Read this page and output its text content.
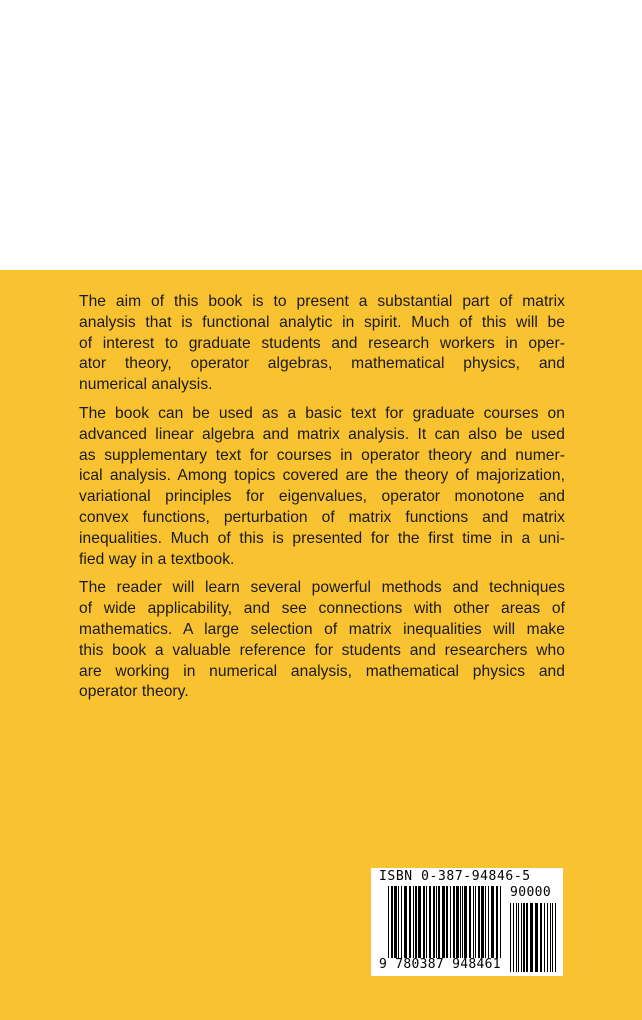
The aim of this book is to present a substantial part of matrix
analysis that is functional analytic in spirit. Much of this will be
of interest to graduate students and research workers in oper-
ator theory, operator algebras, mathematical physics, and
numerical analysis.

The book can be used as a basic text for graduate courses on
advanced linear algebra and matrix analysis. It can also be used
as supplementary text for courses in operator theory and numer-
ical analysis. Among topics covered are the theory of majorization,
variational principles for eigenvalues, operator monotone and
convex functions, perturbation of matrix functions and matrix
inequalities. Much of this is presented for the first time in a uni-
fied way in a textbook.

The reader will learn several powerful methods and techniques
of wide applicability, and see connections with other areas of
mathematics. A large selection of matrix inequalities will make
this book a valuable reference for students and researchers who
are working in numerical analysis, mathematical physics and
operator theory.

ISBN 0-387-94846-5
90000
9 780387 948461
